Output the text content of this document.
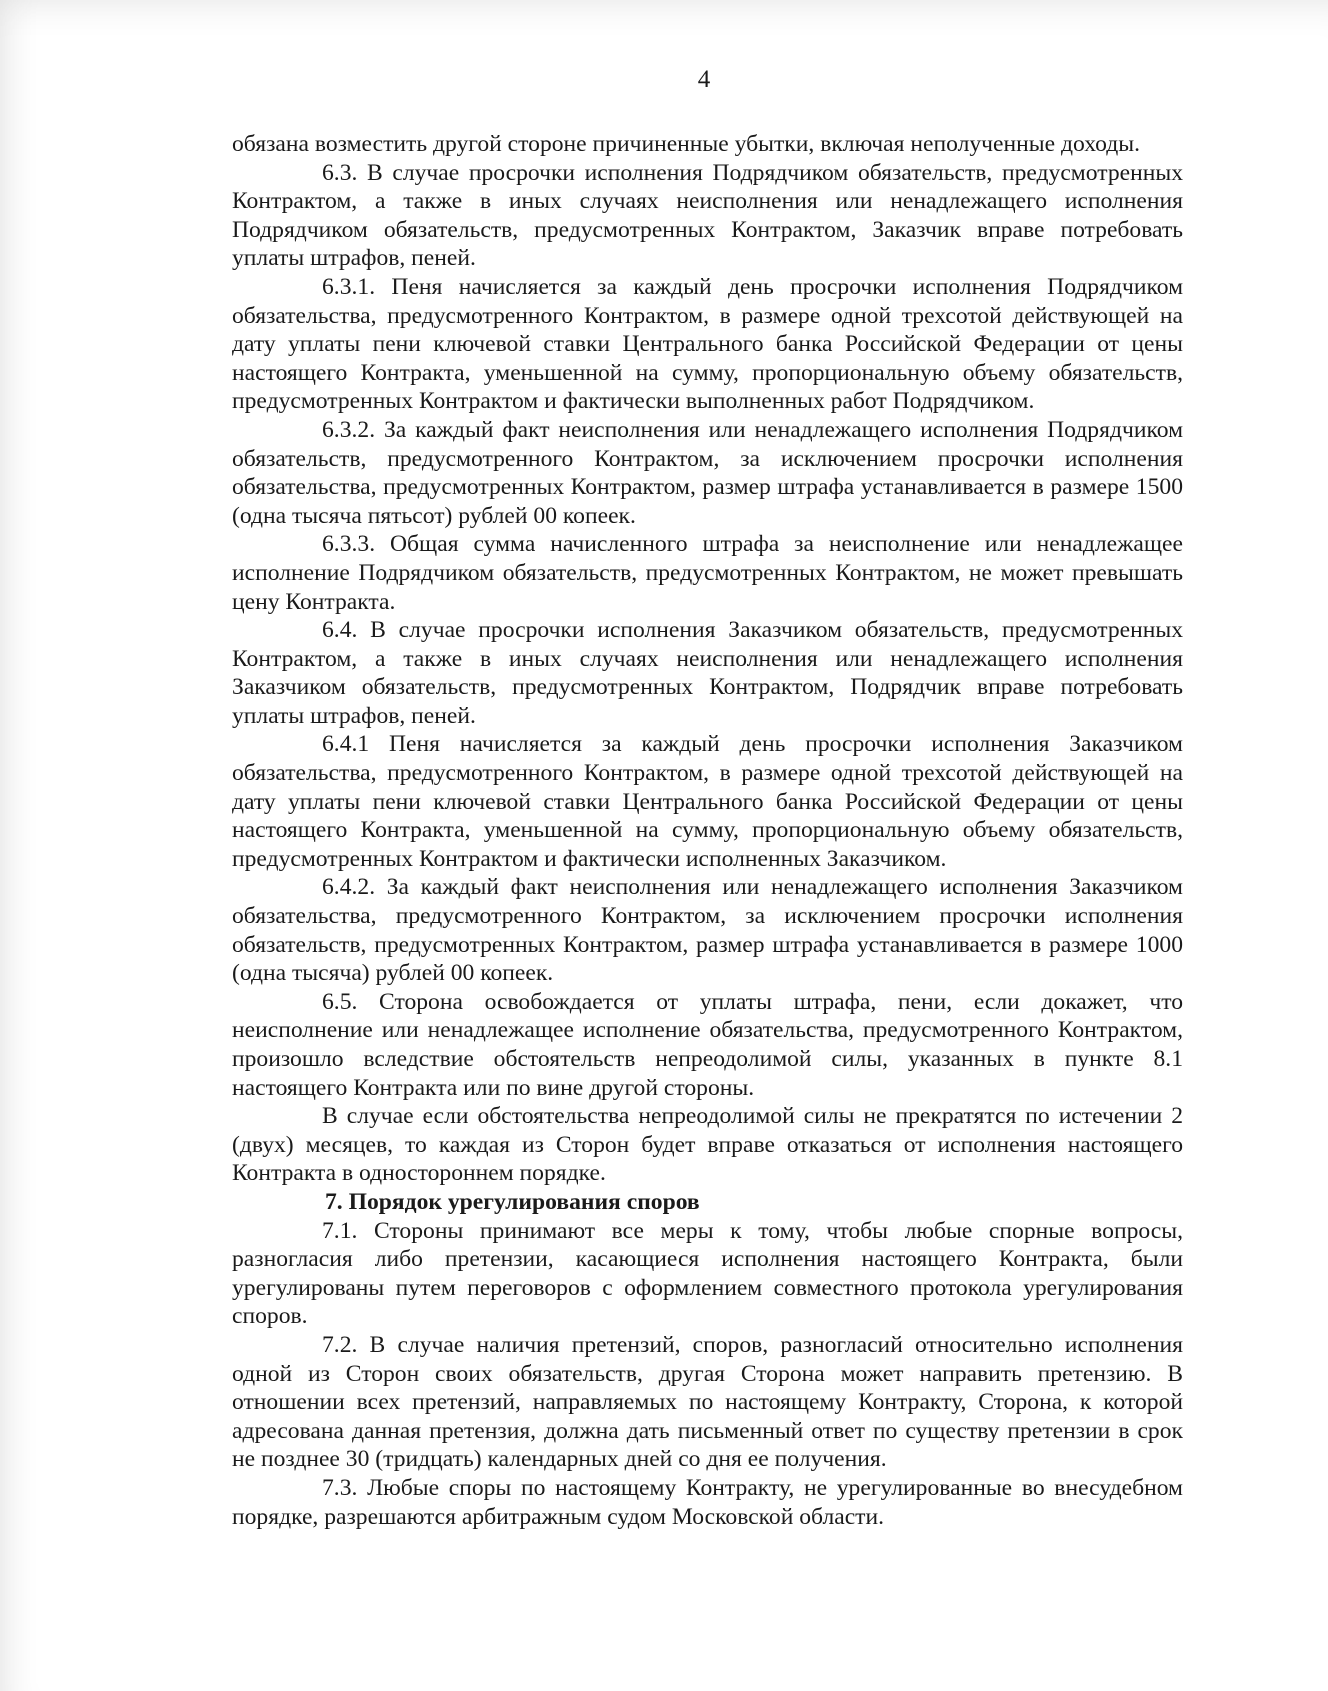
4

обязана возместить другой стороне причиненные убытки, включая неполученные доходы.

6.3. В случае просрочки исполнения Подрядчиком обязательств, предусмотренных Контрактом, а также в иных случаях неисполнения или ненадлежащего исполнения Подрядчиком обязательств, предусмотренных Контрактом, Заказчик вправе потребовать уплаты штрафов, пеней.

6.3.1. Пеня начисляется за каждый день просрочки исполнения Подрядчиком обязательства, предусмотренного Контрактом, в размере одной трехсотой действующей на дату уплаты пени ключевой ставки Центрального банка Российской Федерации от цены настоящего Контракта, уменьшенной на сумму, пропорциональную объему обязательств, предусмотренных Контрактом и фактически выполненных работ Подрядчиком.

6.3.2. За каждый факт неисполнения или ненадлежащего исполнения Подрядчиком обязательств, предусмотренного Контрактом, за исключением просрочки исполнения обязательства, предусмотренных Контрактом, размер штрафа устанавливается в размере 1500 (одна тысяча пятьсот) рублей 00 копеек.

6.3.3. Общая сумма начисленного штрафа за неисполнение или ненадлежащее исполнение Подрядчиком обязательств, предусмотренных Контрактом, не может превышать цену Контракта.

6.4. В случае просрочки исполнения Заказчиком обязательств, предусмотренных Контрактом, а также в иных случаях неисполнения или ненадлежащего исполнения Заказчиком обязательств, предусмотренных Контрактом, Подрядчик вправе потребовать уплаты штрафов, пеней.

6.4.1 Пеня начисляется за каждый день просрочки исполнения Заказчиком обязательства, предусмотренного Контрактом, в размере одной трехсотой действующей на дату уплаты пени ключевой ставки Центрального банка Российской Федерации от цены настоящего Контракта, уменьшенной на сумму, пропорциональную объему обязательств, предусмотренных Контрактом и фактически исполненных Заказчиком.

6.4.2. За каждый факт неисполнения или ненадлежащего исполнения Заказчиком обязательства, предусмотренного Контрактом, за исключением просрочки исполнения обязательств, предусмотренных Контрактом, размер штрафа устанавливается в размере 1000 (одна тысяча) рублей 00 копеек.

6.5. Сторона освобождается от уплаты штрафа, пени, если докажет, что неисполнение или ненадлежащее исполнение обязательства, предусмотренного Контрактом, произошло вследствие обстоятельств непреодолимой силы, указанных в пункте 8.1 настоящего Контракта или по вине другой стороны.

В случае если обстоятельства непреодолимой силы не прекратятся по истечении 2 (двух) месяцев, то каждая из Сторон будет вправе отказаться от исполнения настоящего Контракта в одностороннем порядке.

7. Порядок урегулирования споров

7.1. Стороны принимают все меры к тому, чтобы любые спорные вопросы, разногласия либо претензии, касающиеся исполнения настоящего Контракта, были урегулированы путем переговоров с оформлением совместного протокола урегулирования споров.

7.2. В случае наличия претензий, споров, разногласий относительно исполнения одной из Сторон своих обязательств, другая Сторона может направить претензию. В отношении всех претензий, направляемых по настоящему Контракту, Сторона, к которой адресована данная претензия, должна дать письменный ответ по существу претензии в срок не позднее 30 (тридцать) календарных дней со дня ее получения.

7.3. Любые споры по настоящему Контракту, не урегулированные во внесудебном порядке, разрешаются арбитражным судом Московской области.
